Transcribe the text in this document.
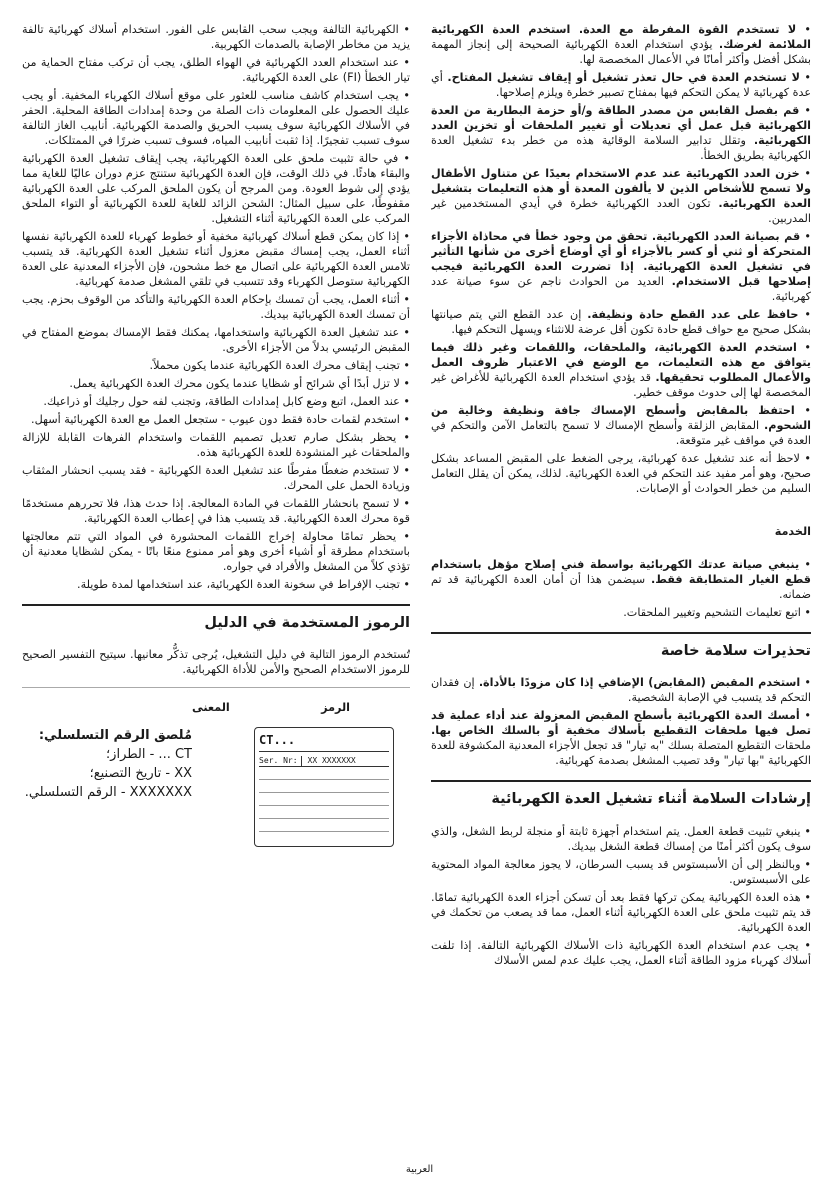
• لا تستخدم القوة المفرطة مع العدة. استخدم العدة الكهربائية الملائمة لغرضك. يؤدي استخدام العدة الكهربائية الصحيحة إلى إنجاز المهمة بشكل أفضل وأكثر أمانًا في الأعمال المخصصة لها.

• لا تستخدم العدة في حال تعذر تشغيل أو إيقاف تشغيل المفتاح. أي عدة كهربائية لا يمكن التحكم فيها بمفتاح تصبير خطرة ويلزم إصلاحها.

• قم بفصل القابس من مصدر الطاقة و/أو حزمة البطارية من العدة الكهربائية قبل عمل أي تعديلات أو تغيير الملحقات أو تخزين العدد الكهربائية. وتقلل تدابير السلامة الوقائية هذه من خطر بدء تشغيل العدة الكهربائية بطريق الخطأ.

• خزن العدد الكهربائية عند عدم الاستخدام بعيدًا عن متناول الأطفال ولا تسمح للأشخاص الذين لا يألفون المعدة أو هذه التعليمات بتشغيل العدة الكهربائية. تكون العدد الكهربائية خطرة في أيدي المستخدمين غير المدربين.

• قم بصيانة العدد الكهربائية. تحقق من وجود خطأ في محاذاة الأجزاء المتحركة أو ثني أو كسر بالأجزاء أو أي أوضاع أخرى من شأنها التأثير في تشغيل العدة الكهربائية. إذا تضررت العدة الكهربائية فيجب إصلاحها قبل الاستخدام. العديد من الحوادث ناجم عن سوء صيانة عدد كهربائية.

• حافظ على عدد القطع حادة ونظيفة. إن عدد القطع التي يتم صيانتها بشكل صحيح مع حواف قطع حادة تكون أقل عرضة للانثناء ويسهل التحكم فيها.

• استخدم العدة الكهربائية، والملحقات، واللقمات وغير ذلك فيما يتوافق مع هذه التعليمات، مع الوضع في الاعتبار ظروف العمل والأعمال المطلوب تحقيقها. قد يؤدي استخدام العدة الكهربائية للأغراض غير المخصصة لها إلى حدوث موقف خطير.

• احتفظ بالمقابض وأسطح الإمساك جافة ونظيفة وخالية من الشحوم. المقابض الزلقة وأسطح الإمساك لا تسمح بالتعامل الآمن والتحكم في العدة في مواقف غير متوقعة.

• لاحظ أنه عند تشغيل عدة كهربائية، يرجى الضغط على المقبض المساعد بشكل صحيح، وهو أمر مفيد عند التحكم في العدة الكهربائية. لذلك، يمكن أن يقلل التعامل السليم من خطر الحوادث أو الإصابات.

الخدمة

• ينبغي صيانة عدتك الكهربائية بواسطة فني إصلاح مؤهل باستخدام قطع الغيار المتطابقة فقط. سيضمن هذا أن أمان العدة الكهربائية قد تم ضمانه.

• اتبع تعليمات التشحيم وتغيير الملحقات.

تحذيرات سلامة خاصة

• استخدم المقبض (المقابض) الإضافي إذا كان مزودًا بالأداة. إن فقدان التحكم قد يتسبب في الإصابة الشخصية.

• أمسك العدة الكهربائية بأسطح المقبض المعزولة عند أداء عملية قد تصل فيها ملحقات التقطيع بأسلاك مخفية أو بالسلك الخاص بها. ملحقات التقطيع المتصلة بسلك "به تيار" قد تجعل الأجزاء المعدنية المكشوفة للعدة الكهربائية "بها تيار" وقد تصيب المشغل بصدمة كهربائية.

إرشادات السلامة أثناء تشغيل العدة الكهربائية

• ينبغي تثبيت قطعة العمل. يتم استخدام أجهزة ثابتة أو منجلة لربط الشغل، والذي سوف يكون أكثر أمنًا من إمساك قطعة الشغل بيديك.

• وبالنظر إلى أن الأسبستوس قد يسبب السرطان، لا يجوز معالجة المواد المحتوية على الأسبستوس.

• هذه العدة الكهربائية يمكن تركها فقط بعد أن تسكن أجزاء العدة الكهربائية تمامًا. قد يتم تثبيت ملحق على العدة الكهربائية أثناء العمل، مما قد يصعب من تحكمك في العدة الكهربائية.

• يجب عدم استخدام العدة الكهربائية ذات الأسلاك الكهربائية التالفة. إذا تلفت أسلاك كهرباء مزود الطاقة أثناء العمل، يجب عليك عدم لمس الأسلاك

• الكهربائية التالفة ويجب سحب القابس على الفور. استخدام أسلاك كهربائية تالفة يزيد من مخاطر الإصابة بالصدمات الكهربية.

• عند استخدام العدد الكهربائية في الهواء الطلق، يجب أن تركب مفتاح الحماية من تيار الخطأ (FI) على العدة الكهربائية.

• يجب استخدام كاشف مناسب للعثور على موقع أسلاك الكهرباء المخفية. أو يجب عليك الحصول على المعلومات ذات الصلة من وحدة إمدادات الطاقة المحلية. الحفر في الأسلاك الكهربائية سوف يسبب الحريق والصدمة الكهربائية. أنابيب الغاز التالفة سوف تسبب تفجيرًا. إذا ثقبت أنابيب المياه، فسوف تسبب ضررًا في الممتلكات.

• في حالة تثبيت ملحق على العدة الكهربائية، يجب إيقاف تشغيل العدة الكهربائية والبقاء هادئًا. في ذلك الوقت، فإن العدة الكهربائية ستنتج عزم دوران عاليًا للغاية مما يؤدي إلى شوط العودة. ومن المرجح أن يكون الملحق المركب على العدة الكهربائية مقفوطًا، على سبيل المثال: الشحن الزائد للغاية للعدة الكهربائية أو التواء الملحق المركب على العدة الكهربائية أثناء التشغيل.

• إذا كان يمكن قطع أسلاك كهربائية مخفية أو خطوط كهرباء للعدة الكهربائية نفسها أثناء العمل، يجب إمساك مقبض معزول أثناء تشغيل العدة الكهربائية. قد يتسبب تلامس العدة الكهربائية على اتصال مع خط مشحون، فإن الأجزاء المعدنية على العدة الكهربائية ستوصل الكهرباء وقد تتسبب في تلقي المشغل صدمة كهربائية.

• أثناء العمل، يجب أن تمسك بإحكام العدة الكهربائية والتأكد من الوقوف بحزم. يجب أن تمسك العدة الكهربائية بيديك.

• عند تشغيل العدة الكهربائية واستخدامها، يمكنك فقط الإمساك بموضع المفتاح في المقبض الرئيسي بدلاً من الأجزاء الأخرى.

• تجنب إيقاف محرك العدة الكهربائية عندما يكون محملاً.

• لا تزل أبدًا أي شرائح أو شظايا عندما يكون محرك العدة الكهربائية يعمل.

• عند العمل، اتبع وضع كابل إمدادات الطاقة، وتجنب لفه حول رجليك أو ذراعيك.

• استخدم لقمات حادة فقط دون عيوب - ستجعل العمل مع العدة الكهربائية أسهل.

• يحظر بشكل صارم تعديل تصميم اللقمات واستخدام الفرهات القابلة للإزالة والملحقات غير المنشودة للعدة الكهربائية هذه.

• لا تستخدم ضغطًا مفرطًا عند تشغيل العدة الكهربائية - فقد يسبب انحشار المثقاب وزيادة الحمل على المحرك.

• لا تسمح بانحشار اللقمات في المادة المعالجة. إذا حدث هذا، فلا تحررهم مستخدمًا قوة محرك العدة الكهربائية. قد يتسبب هذا في إعطاب العدة الكهربائية.

• يحظر تمامًا محاولة إخراج اللقمات المحشورة في المواد التي تتم معالجتها باستخدام مطرقة أو أشياء أخرى وهو أمر ممنوع منعًا باتًا - يمكن لشظايا معدنية أن تؤذي كلاً من المشغل والأفراد في جواره.

• تجنب الإفراط في سخونة العدة الكهربائية، عند استخدامها لمدة طويلة.

الرموز المستخدمة في الدليل

تُستخدم الرموز التالية في دليل التشغيل، يُرجى تذكُّر معانيها. سيتيح التفسير الصحيح للرموز الاستخدام الصحيح والأمن للأداة الكهربائية.

الرمز
المعنى
CT...
Ser. Nr:	XX XXXXXXX
مُلصق الرقم التسلسلي:
CT ... - الطراز؛
XX - تاريخ التصنيع؛
XXXXXXX - الرقم التسلسلي.
العربية
